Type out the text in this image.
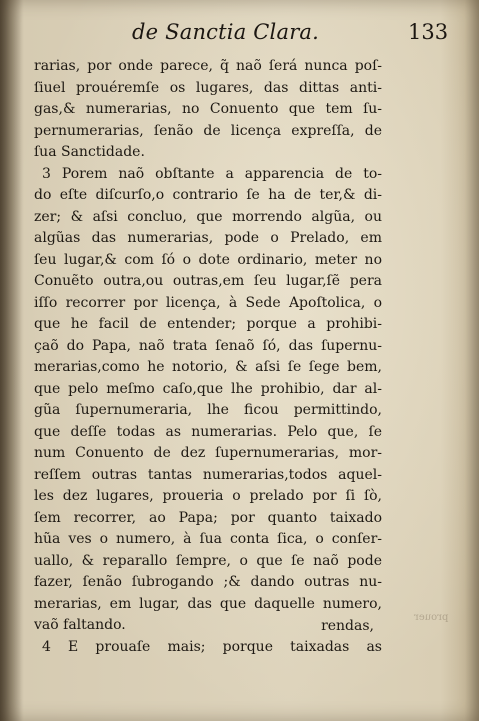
de Sanctia Clara.	133
rarias, por onde parece, q̃ naõ ſerá nunca poſ-
ſiuel prouéremſe os lugares, das dittas anti-
gas,& numerarias, no Conuento que tem ſu-
pernumerarias, ſenão de licença expreſſa, de
ſua Sanctidade.
3 Porem naõ obſtante a apparencia de to-
do eſte diſcurſo,o contrario ſe ha de ter,& di-
zer; & aſsi concluo, que morrendo algũa, ou
algũas das numerarias, pode o Prelado, em
ſeu lugar,& com ſó o dote ordinario, meter no
Conuẽto outra,ou outras,em ſeu lugar,ſẽ pera
iſſo recorrer por licença, à Sede Apoſtolica, o
que he facil de entender; porque a prohibi-
çaõ do Papa, naõ trata ſenaõ ſó, das ſupernu-
merarias,como he notorio, & aſsi ſe ſege bem,
que pelo meſmo caſo,que lhe prohibio, dar al-
gũa ſupernumeraria, lhe ficou permittindo,
que deſſe todas as numerarias. Pelo que, ſe
num Conuento de dez ſupernumerarias, mor-
reſſem outras tantas numerarias,todos aquel-
les dez lugares, proueria o prelado por ſi ſò,
ſem recorrer, ao Papa; por quanto taixado
hũa ves o numero, à ſua conta ſica, o conſer-
uallo, & reparallo ſempre, o que ſe naõ pode
fazer, ſenão ſubrogando ;& dando outras nu-
merarias, em lugar, das que daquelle numero,
vaõ faltando.
4 E prouaſe mais; porque taixadas as
prouer
rendas,
